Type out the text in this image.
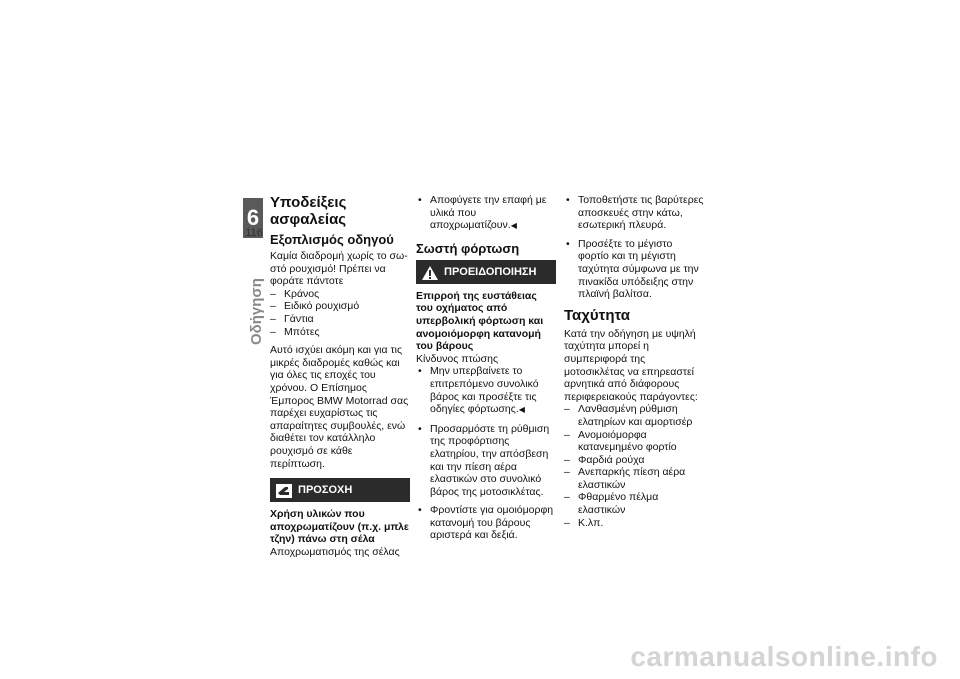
6
116
Οδήγηση
Υποδείξεις ασφαλείας
Εξοπλισμός οδηγού

Καμία διαδρομή χωρίς το σωστό ρουχισμό! Πρέπει να φοράτε πάντοτε

– Κράνος
– Ειδικό ρουχισμό
– Γάντια
– Μπότες

Αυτό ισχύει ακόμη και για τις μικρές διαδρομές καθώς και για όλες τις εποχές του χρόνου. Ο Επίσημος Έμπορος BMW Motorrad σας παρέχει ευχαρίστως τις απαραίτητες συμβουλές, ενώ διαθέτει τον κατάλληλο ρουχισμό σε κάθε περίπτωση.

ΠΡΟΣΟΧΗ

Χρήση υλικών που αποχρωματίζουν (π.χ. μπλε τζην) πάνω στη σέλα

Αποχρωματισμός της σέλας

• Αποφύγετε την επαφή με υλικά που αποχρωματίζουν.◀
Σωστή φόρτωση
ΠΡΟΕΙΔΟΠΟΙΗΣΗ

Επιρροή της ευστάθειας του οχήματος από υπερβολική φόρτωση και ανομοιόμορφη κατανομή του βάρους

Κίνδυνος πτώσης

• Μην υπερβαίνετε το επιτρεπόμενο συνολικό βάρος και προσέξτε τις οδηγίες φόρτωσης.◀
• Προσαρμόστε τη ρύθμιση της προφόρτισης ελατηρίου, την απόσβεση και την πίεση αέρα ελαστικών στο συνολικό βάρος της μοτοσικλέτας.
• Φροντίστε για ομοιόμορφη κατανομή του βάρους αριστερά και δεξιά.
• Τοποθετήστε τις βαρύτερες αποσκευές στην κάτω, εσωτερική πλευρά.
• Προσέξτε το μέγιστο φορτίο και τη μέγιστη ταχύτητα σύμφωνα με την πινακίδα υπόδειξης στην πλαϊνή βαλίτσα.
Ταχύτητα

Κατά την οδήγηση με υψηλή ταχύτητα μπορεί η συμπεριφορά της μοτοσικλέτας να επηρεαστεί αρνητικά από διάφορους περιφερειακούς παράγοντες:

– Λανθασμένη ρύθμιση ελατηρίων και αμορτισέρ
– Ανομοιόμορφα κατανεμημένο φορτίο
– Φαρδιά ρούχα
– Ανεπαρκής πίεση αέρα ελαστικών
– Φθαρμένο πέλμα ελαστικών
– Κ.λπ.
carmanualsonline.info
